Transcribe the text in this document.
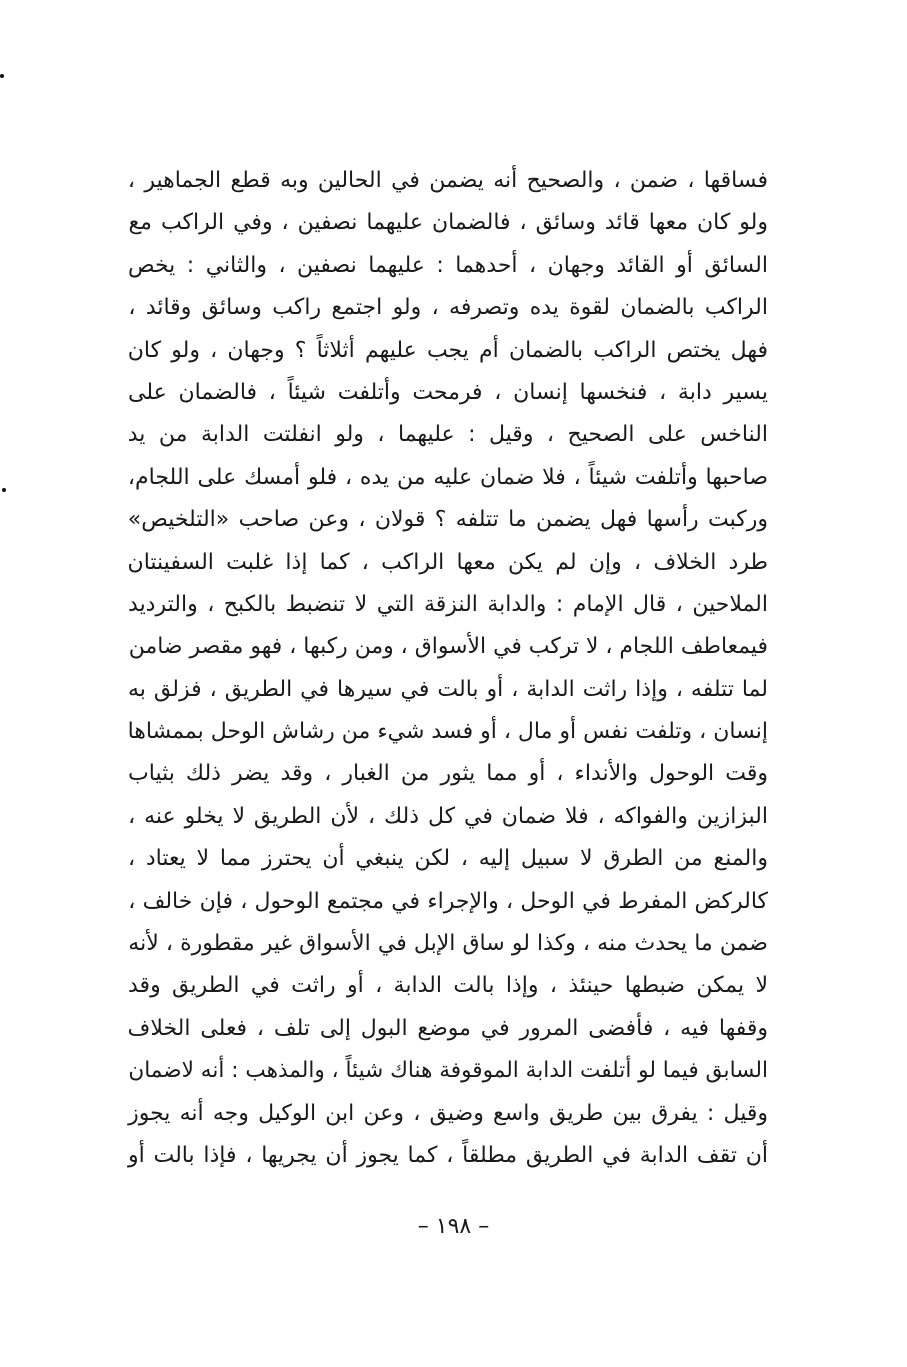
فساقها ، ضمن ، والصحيح أنه يضمن في الحالين وبه قطع الجماهير ،
ولو كان معها قائد وسائق ، فالضمان عليهما نصفين ، وفي الراكب مع
السائق أو القائد وجهان ، أحدهما : عليهما نصفين ، والثاني : يخص
الراكب بالضمان لقوة يده وتصرفه ، ولو اجتمع راكب وسائق وقائد ،
فهل يختص الراكب بالضمان أم يجب عليهم أثلاثاً ؟ وجهان ، ولو كان
يسير دابة ، فنخسها إنسان ، فرمحت وأتلفت شيئاً ، فالضمان على
الناخس على الصحيح ، وقيل : عليهما ، ولو انفلتت الدابة من يد
صاحبها وأتلفت شيئاً ، فلا ضمان عليه من يده ، فلو أمسك على اللجام،
وركبت رأسها فهل يضمن ما تتلفه ؟ قولان ، وعن صاحب «التلخيص»
طرد الخلاف ، وإن لم يكن معها الراكب ، كما إذا غلبت السفينتان
الملاحين ، قال الإمام : والدابة النزقة التي لا تنضبط بالكبح ، والترديد
فيمعاطف اللجام ، لا تركب في الأسواق ، ومن ركبها ، فهو مقصر ضامن
لما تتلفه ، وإذا راثت الدابة ، أو بالت في سيرها في الطريق ، فزلق به
إنسان ، وتلفت نفس أو مال ، أو فسد شيء من رشاش الوحل بممشاها
وقت الوحول والأنداء ، أو مما يثور من الغبار ، وقد يضر ذلك بثياب
البزازين والفواكه ، فلا ضمان في كل ذلك ، لأن الطريق لا يخلو عنه ،
والمنع من الطرق لا سبيل إليه ، لكن ينبغي أن يحترز مما لا يعتاد ،
كالركض المفرط في الوحل ، والإجراء في مجتمع الوحول ، فإن خالف ،
ضمن ما يحدث منه ، وكذا لو ساق الإبل في الأسواق غير مقطورة ، لأنه
لا يمكن ضبطها حينئذ ، وإذا بالت الدابة ، أو راثت في الطريق وقد
وقفها فيه ، فأفضى المرور في موضع البول إلى تلف ، فعلى الخلاف
السابق فيما لو أتلفت الدابة الموقوفة هناك شيئاً ، والمذهب : أنه لاضمان
وقيل : يفرق بين طريق واسع وضيق ، وعن ابن الوكيل وجه أنه يجوز
أن تقف الدابة في الطريق مطلقاً ، كما يجوز أن يجريها ، فإذا بالت أو
– ١٩٨ –
